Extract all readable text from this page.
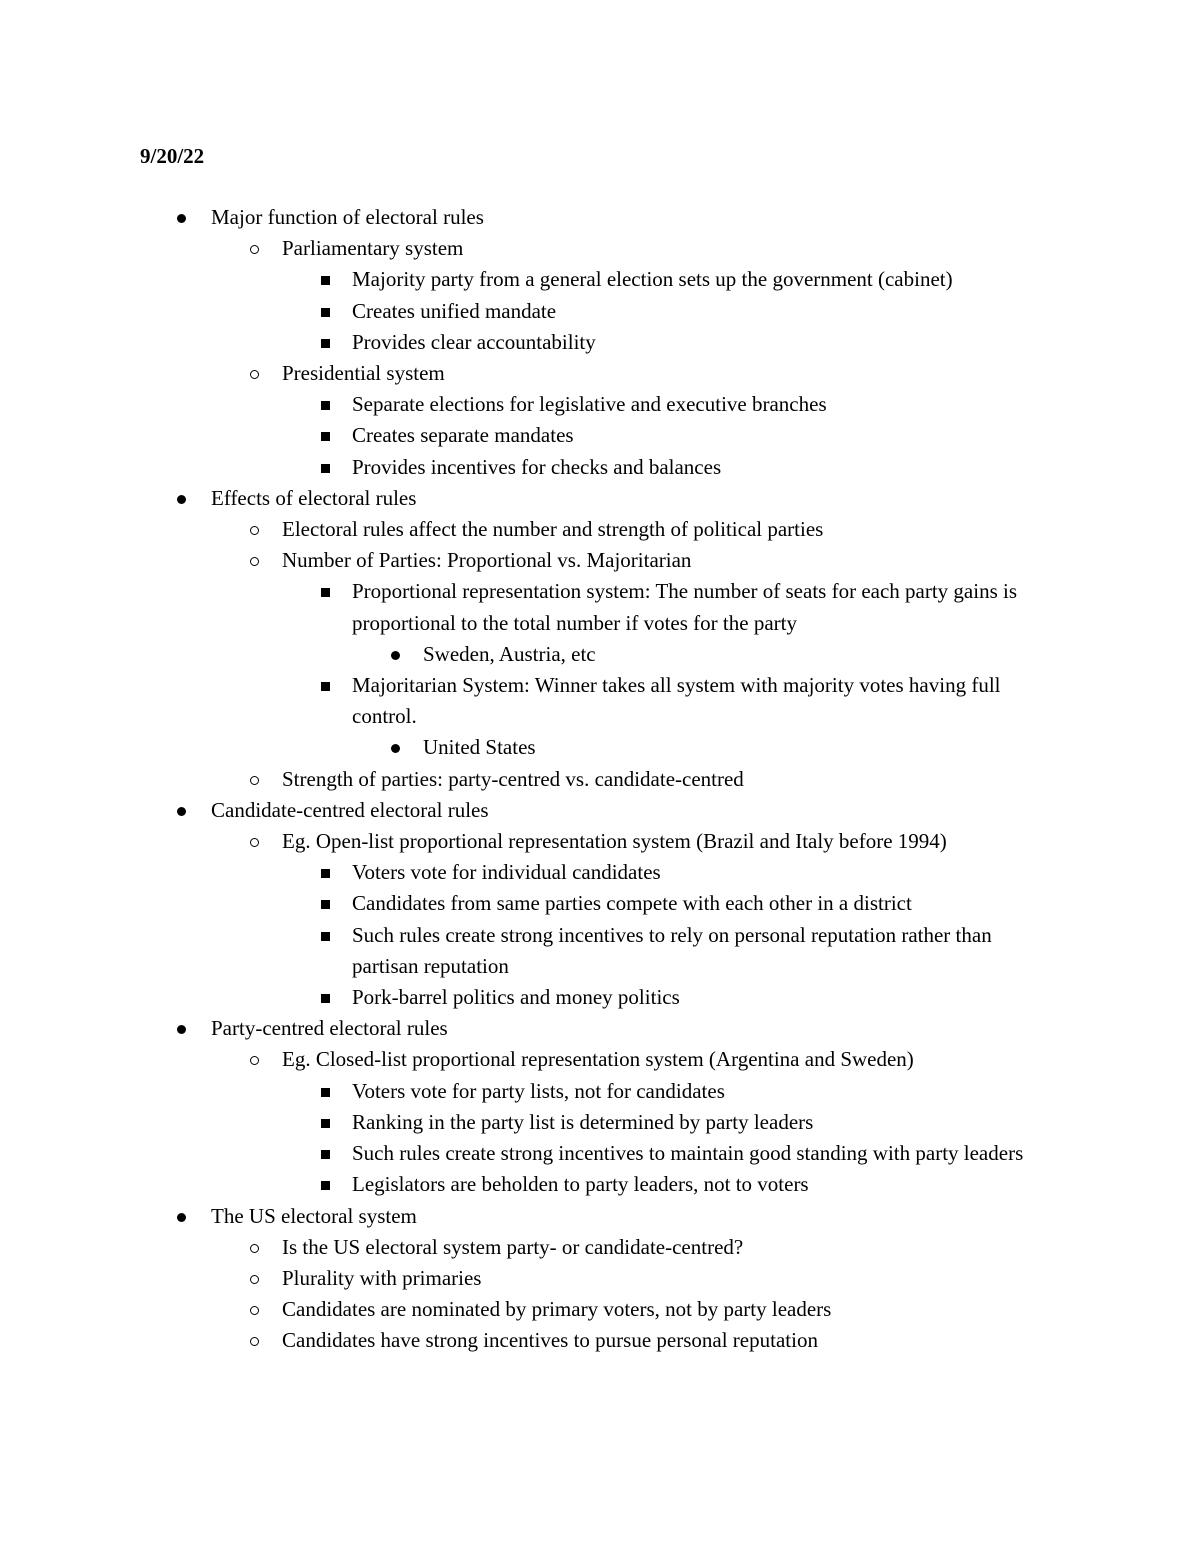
9/20/22

Major function of electoral rules
Parliamentary system
Majority party from a general election sets up the government (cabinet)
Creates unified mandate
Provides clear accountability
Presidential system
Separate elections for legislative and executive branches
Creates separate mandates
Provides incentives for checks and balances
Effects of electoral rules
Electoral rules affect the number and strength of political parties
Number of Parties: Proportional vs. Majoritarian
Proportional representation system: The number of seats for each party gains is proportional to the total number if votes for the party
Sweden, Austria, etc
Majoritarian System: Winner takes all system with majority votes having full control.
United States
Strength of parties: party-centred vs. candidate-centred
Candidate-centred electoral rules
Eg. Open-list proportional representation system (Brazil and Italy before 1994)
Voters vote for individual candidates
Candidates from same parties compete with each other in a district
Such rules create strong incentives to rely on personal reputation rather than partisan reputation
Pork-barrel politics and money politics
Party-centred electoral rules
Eg. Closed-list proportional representation system (Argentina and Sweden)
Voters vote for party lists, not for candidates
Ranking in the party list is determined by party leaders
Such rules create strong incentives to maintain good standing with party leaders
Legislators are beholden to party leaders, not to voters
The US electoral system
Is the US electoral system party- or candidate-centred?
Plurality with primaries
Candidates are nominated by primary voters, not by party leaders
Candidates have strong incentives to pursue personal reputation
